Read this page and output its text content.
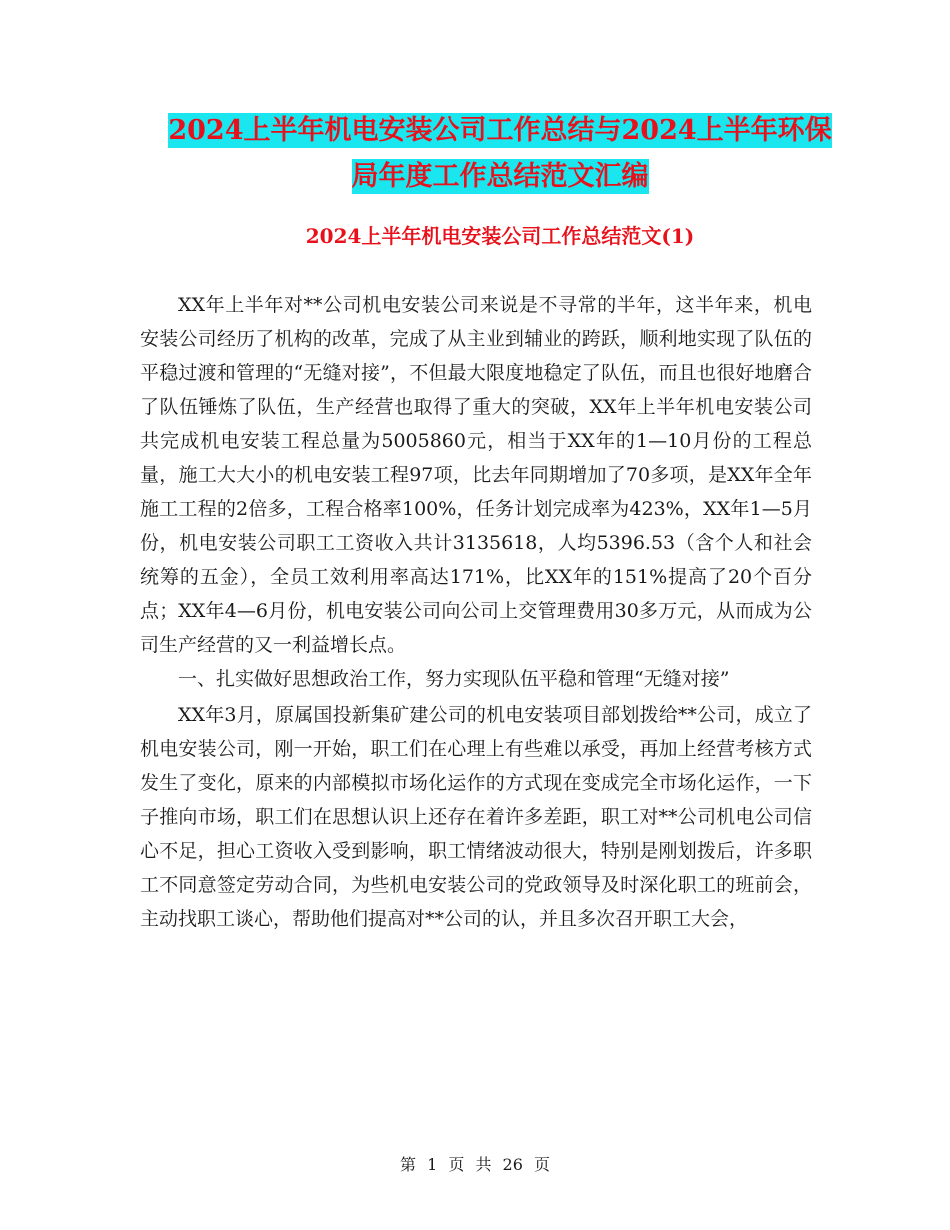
2024上半年机电安装公司工作总结与2024上半年环保
局年度工作总结范文汇编
2024上半年机电安装公司工作总结范文(1)

XX年上半年对**公司机电安装公司来说是不寻常的半年，这半年来，机电安装公司经历了机构的改革，完成了从主业到辅业的跨跃，顺利地实现了队伍的平稳过渡和管理的“无缝对接”，不但最大限度地稳定了队伍，而且也很好地磨合了队伍锤炼了队伍，生产经营也取得了重大的突破，XX年上半年机电安装公司共完成机电安装工程总量为5005860元，相当于XX年的1—10月份的工程总量，施工大大小的机电安装工程97项，比去年同期增加了70多项，是XX年全年施工工程的2倍多，工程合格率100%，任务计划完成率为423%，XX年1—5月份，机电安装公司职工工资收入共计3135618，人均5396.53（含个人和社会统筹的五金），全员工效利用率高达171%，比XX年的151%提高了20个百分点；XX年4—6月份，机电安装公司向公司上交管理费用30多万元，从而成为公司生产经营的又一利益增长点。

一、扎实做好思想政治工作，努力实现队伍平稳和管理“无缝对接”

XX年3月，原属国投新集矿建公司的机电安装项目部划拨给**公司，成立了机电安装公司，刚一开始，职工们在心理上有些难以承受，再加上经营考核方式发生了变化，原来的内部模拟市场化运作的方式现在变成完全市场化运作，一下子推向市场，职工们在思想认识上还存在着许多差距，职工对**公司机电公司信心不足，担心工资收入受到影响，职工情绪波动很大，特别是刚划拨后，许多职工不同意签定劳动合同，为些机电安装公司的党政领导及时深化职工的班前会，主动找职工谈心，帮助他们提高对**公司的认，并且多次召开职工大会，

第 1 页 共 26 页
